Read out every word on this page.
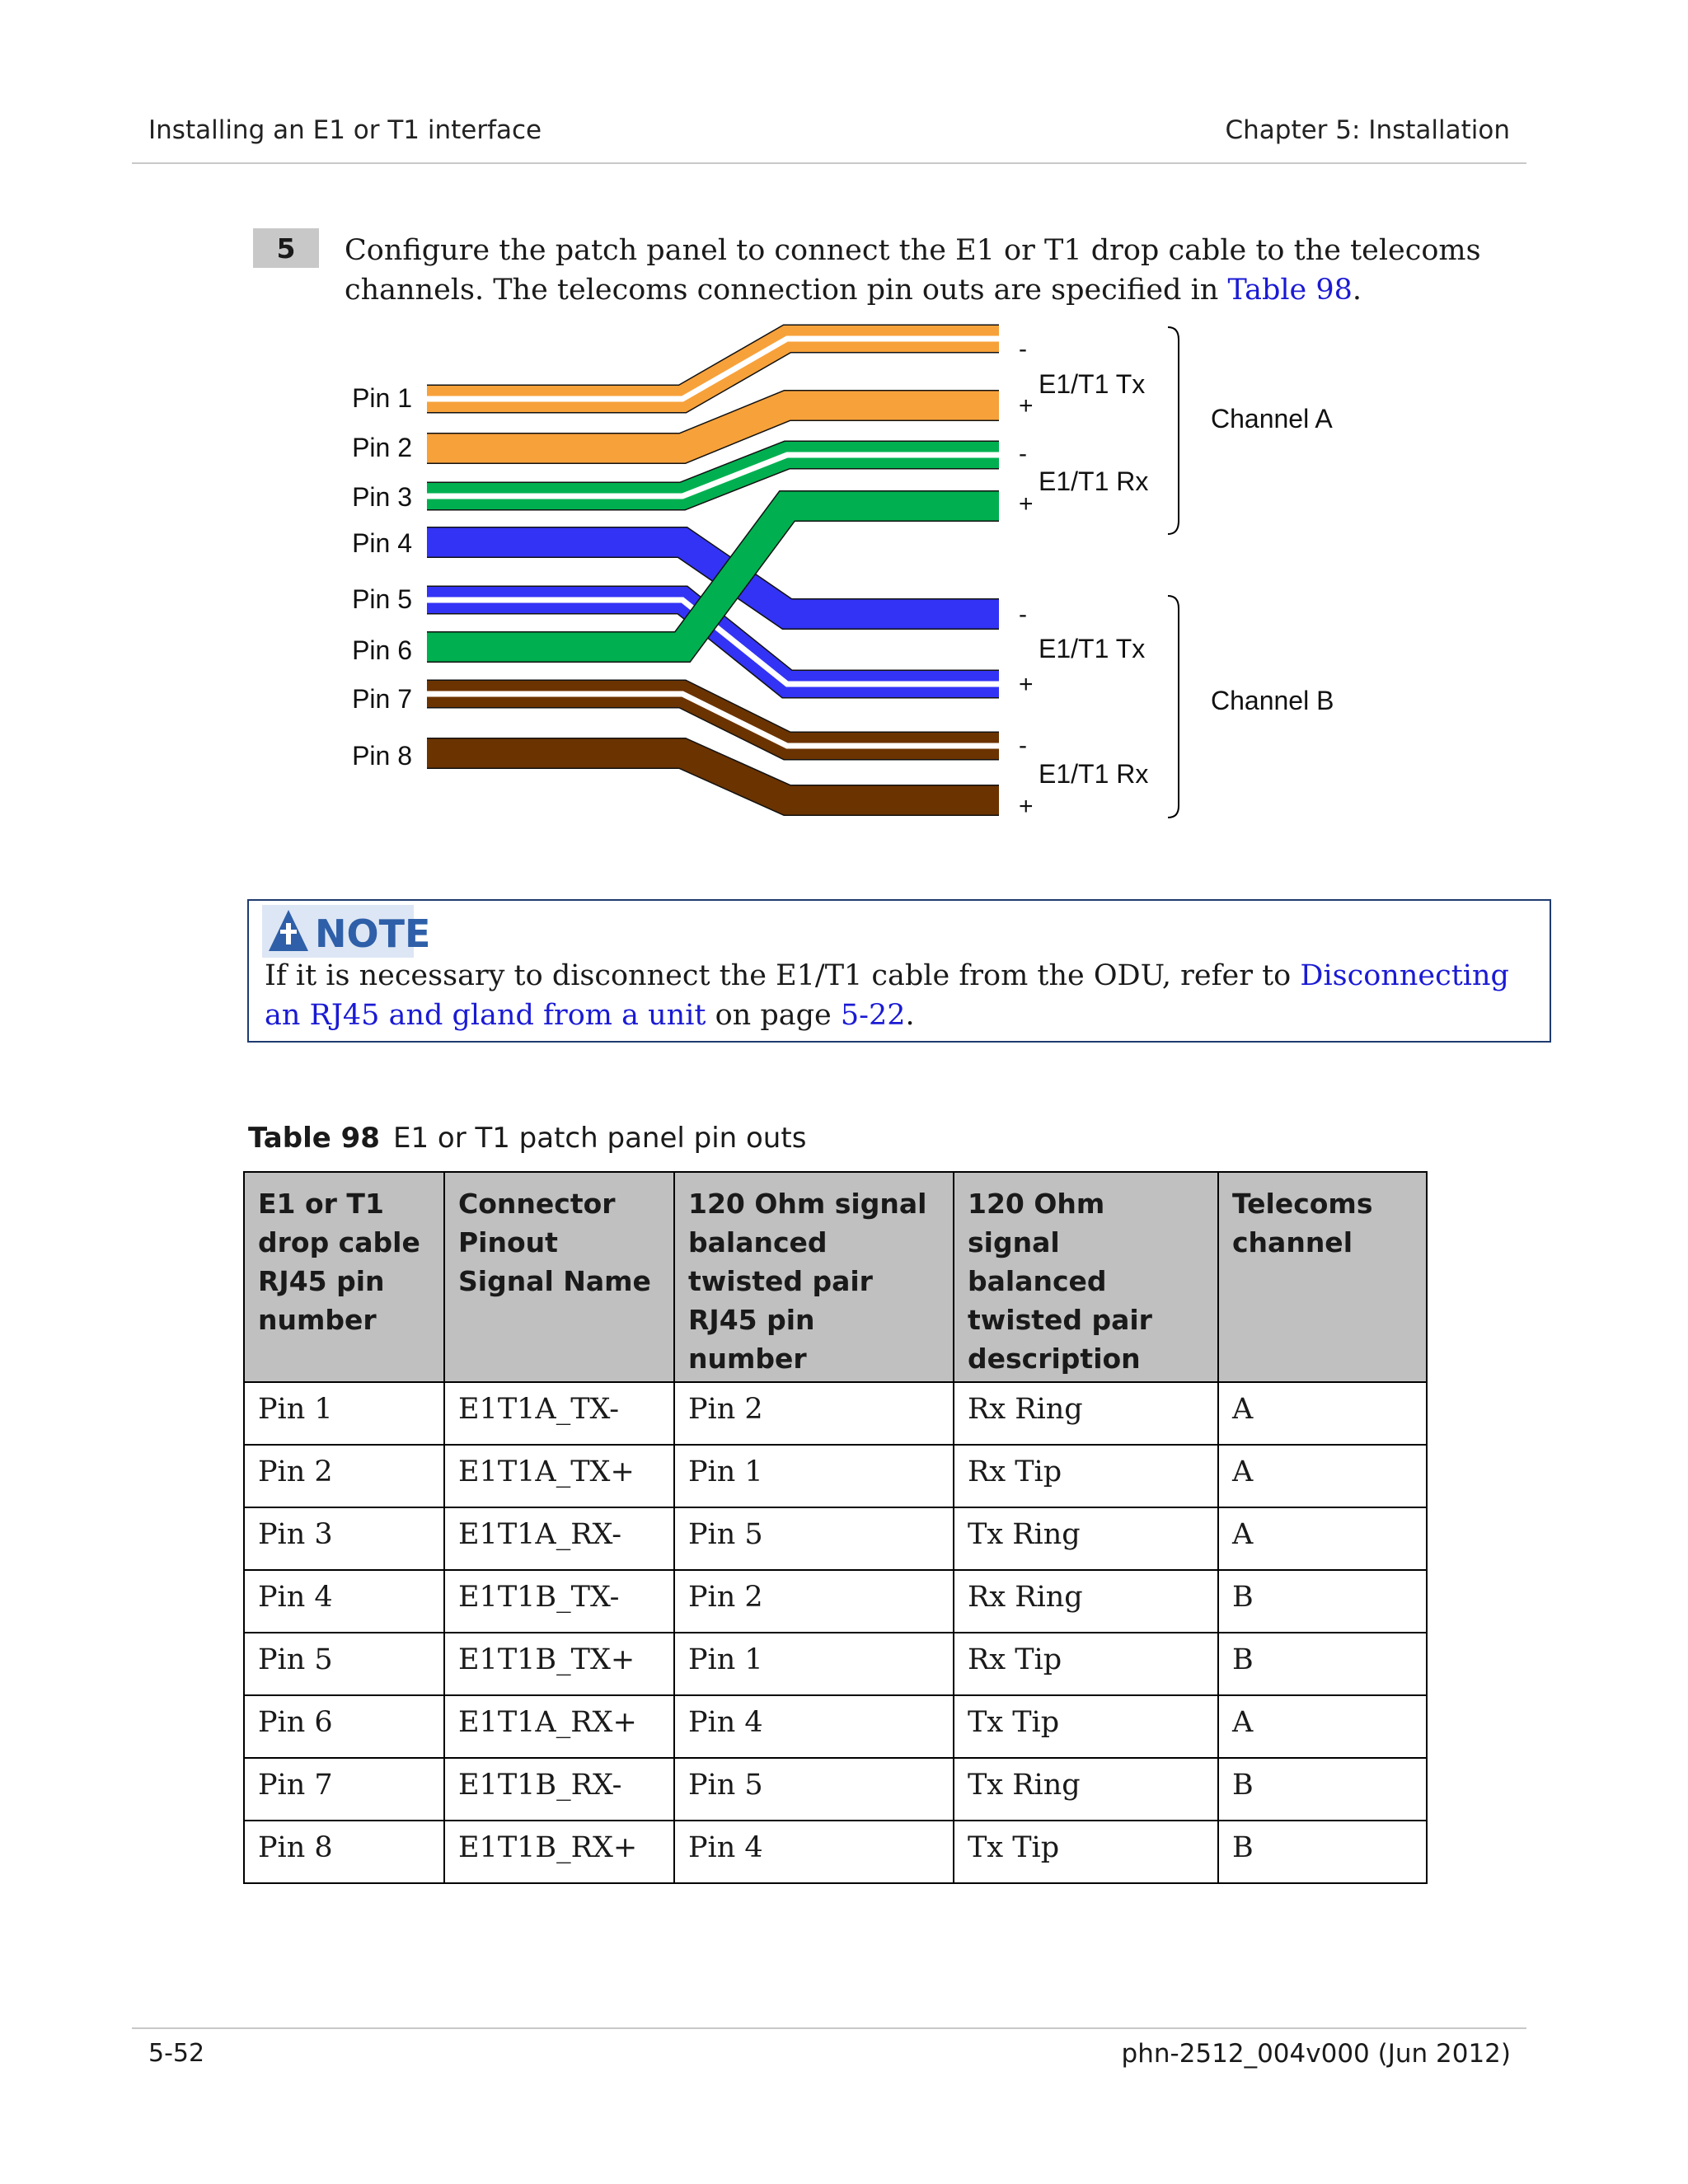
Installing an E1 or T1 interface	Chapter 5: Installation
5	Configure the patch panel to connect the E1 or T1 drop cable to the telecoms channels. The telecoms connection pin outs are specified in Table 98.
Pin 1
Pin 2
Pin 3
Pin 4
Pin 5
Pin 6
Pin 7
Pin 8
-
+
-
+
-
+
-
+
E1/T1 Tx
E1/T1 Rx
E1/T1 Tx
E1/T1 Rx
Channel A
Channel B
NOTE
If it is necessary to disconnect the E1/T1 cable from the ODU, refer to Disconnecting an RJ45 and gland from a unit on page 5-22.
Table 98 E1 or T1 patch panel pin outs
E1 or T1 drop cable RJ45 pin number	Connector Pinout Signal Name	120 Ohm signal balanced twisted pair RJ45 pin number	120 Ohm signal balanced twisted pair description	Telecoms channel
Pin 1	E1T1A_TX-	Pin 2	Rx Ring	A
Pin 2	E1T1A_TX+	Pin 1	Rx Tip	A
Pin 3	E1T1A_RX-	Pin 5	Tx Ring	A
Pin 4	E1T1B_TX-	Pin 2	Rx Ring	B
Pin 5	E1T1B_TX+	Pin 1	Rx Tip	B
Pin 6	E1T1A_RX+	Pin 4	Tx Tip	A
Pin 7	E1T1B_RX-	Pin 5	Tx Ring	B
Pin 8	E1T1B_RX+	Pin 4	Tx Tip	B
5-52	phn-2512_004v000 (Jun 2012)
